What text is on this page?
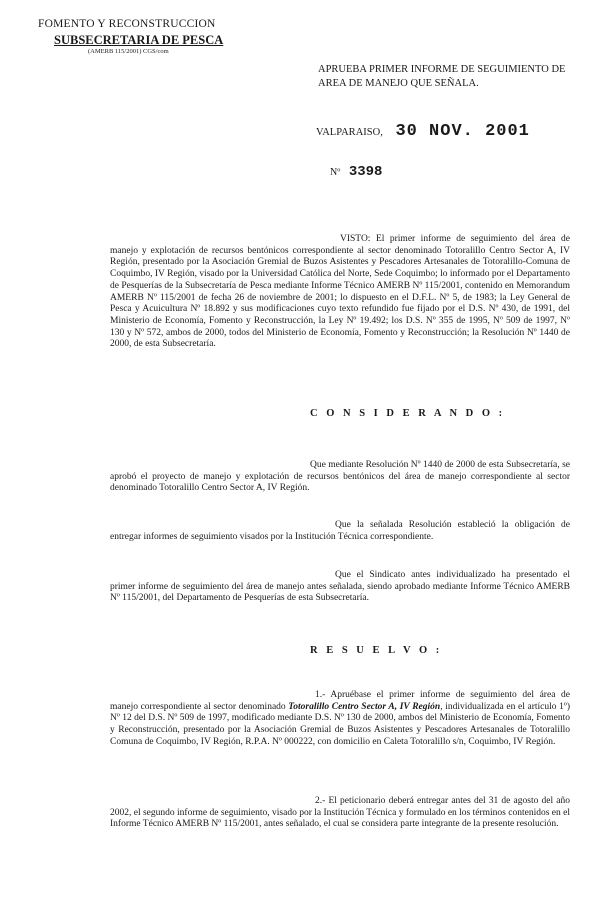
FOMENTO Y RECONSTRUCCION
SUBSECRETARIA DE PESCA
(AMERB 115/2001) CGS/com
APRUEBA PRIMER INFORME DE SEGUIMIENTO DE AREA DE MANEJO QUE SEÑALA.
VALPARAISO, 30 NOV. 2001
Nº 3398
VISTO: El primer informe de seguimiento del área de manejo y explotación de recursos bentónicos correspondiente al sector denominado Totoralillo Centro Sector A, IV Región, presentado por la Asociación Gremial de Buzos Asistentes y Pescadores Artesanales de Totoralillo-Comuna de Coquimbo, IV Región, visado por la Universidad Católica del Norte, Sede Coquimbo; lo informado por el Departamento de Pesquerías de la Subsecretaría de Pesca mediante Informe Técnico AMERB Nº 115/2001, contenido en Memorandum AMERB Nº 115/2001 de fecha 26 de noviembre de 2001; lo dispuesto en el D.F.L. Nº 5, de 1983; la Ley General de Pesca y Acuicultura Nº 18.892 y sus modificaciones cuyo texto refundido fue fijado por el D.S. Nº 430, de 1991, del Ministerio de Economía, Fomento y Reconstrucción, la Ley Nº 19.492; los D.S. Nº 355 de 1995, Nº 509 de 1997, Nº 130 y Nº 572, ambos de 2000, todos del Ministerio de Economía, Fomento y Reconstrucción; la Resolución Nº 1440 de 2000, de esta Subsecretaría.
C O N S I D E R A N D O :
Que mediante Resolución Nº 1440 de 2000 de esta Subsecretaría, se aprobó el proyecto de manejo y explotación de recursos bentónicos del área de manejo correspondiente al sector denominado Totoralillo Centro Sector A, IV Región.
Que la señalada Resolución estableció la obligación de entregar informes de seguimiento visados por la Institución Técnica correspondiente.
Que el Sindicato antes individualizado ha presentado el primer informe de seguimiento del área de manejo antes señalada, siendo aprobado mediante Informe Técnico AMERB Nº 115/2001, del Departamento de Pesquerías de esta Subsecretaría.
R E S U E L V O :
1.- Apruébase el primer informe de seguimiento del área de manejo correspondiente al sector denominado Totoralillo Centro Sector A, IV Región, individualizada en el artículo 1º) Nº 12 del D.S. Nº 509 de 1997, modificado mediante D.S. Nº 130 de 2000, ambos del Ministerio de Economía, Fomento y Reconstrucción, presentado por la Asociación Gremial de Buzos Asistentes y Pescadores Artesanales de Totoralillo Comuna de Coquimbo, IV Región, R.P.A. Nº 000222, con domicilio en Caleta Totoralillo s/n, Coquimbo, IV Región.
2.- El peticionario deberá entregar antes del 31 de agosto del año 2002, el segundo informe de seguimiento, visado por la Institución Técnica y formulado en los términos contenidos en el Informe Técnico AMERB Nº 115/2001, antes señalado, el cual se considera parte integrante de la presente resolución.
